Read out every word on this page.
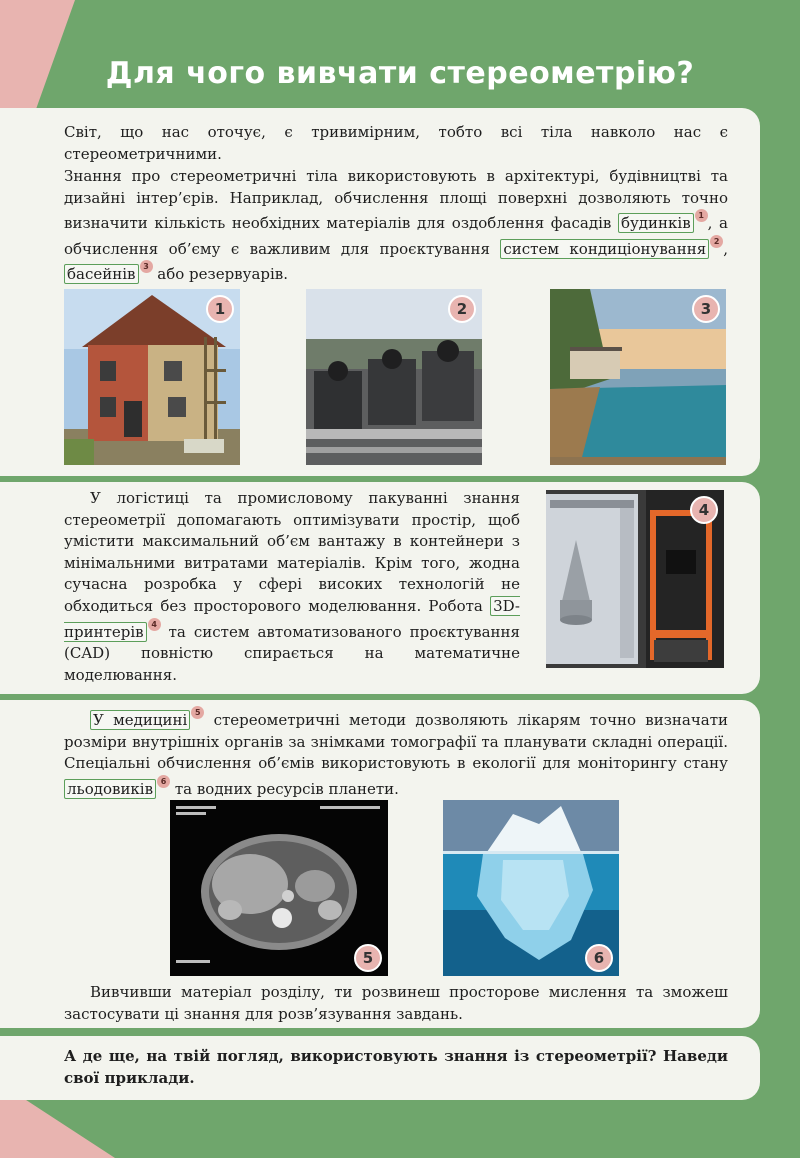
Для чого вивчати стереометрію?

Світ, що нас оточує, є тривимірним, тобто всі тіла навколо нас є стереометричними.

Знання про стереометричні тіла використовують в архітектурі, будівництві та дизайні інтер’єрів. Наприклад, обчислення площі поверхні дозволяють точно визначити кількість необхідних матеріалів для оздоблення фасадів будинків 1 , а обчислення об’єму є важливим для проєктування систем кондиціонування 2 , басейнів 3 або резервуарів.

1	2	3

У логістиці та промисловому пакуванні знання стереометрії допомагають оптимізувати простір, щоб умістити максимальний об’єм вантажу в контейнери з мінімальними витратами матеріалів. Крім того, жодна сучасна розробка у сфері високих технологій не обходиться без просторового моделювання. Робота 3D-принтерів 4 та систем автоматизованого проєктування (CAD) повністю спирається на математичне моделювання.

4

У медицині 5 стереометричні методи дозволяють лікарям точно визначати розміри внутрішніх органів за знімками томографії та планувати складні операції. Спеціальні обчислення об’ємів використовують в екології для моніторингу стану льодовиків 6 та водних ресурсів планети.

5	6

Вивчивши матеріал розділу, ти розвинеш просторове мислення та зможеш застосувати ці знання для розв’язування завдань.

А де ще, на твій погляд, використовують знання із стереометрії? Наведи свої приклади.
